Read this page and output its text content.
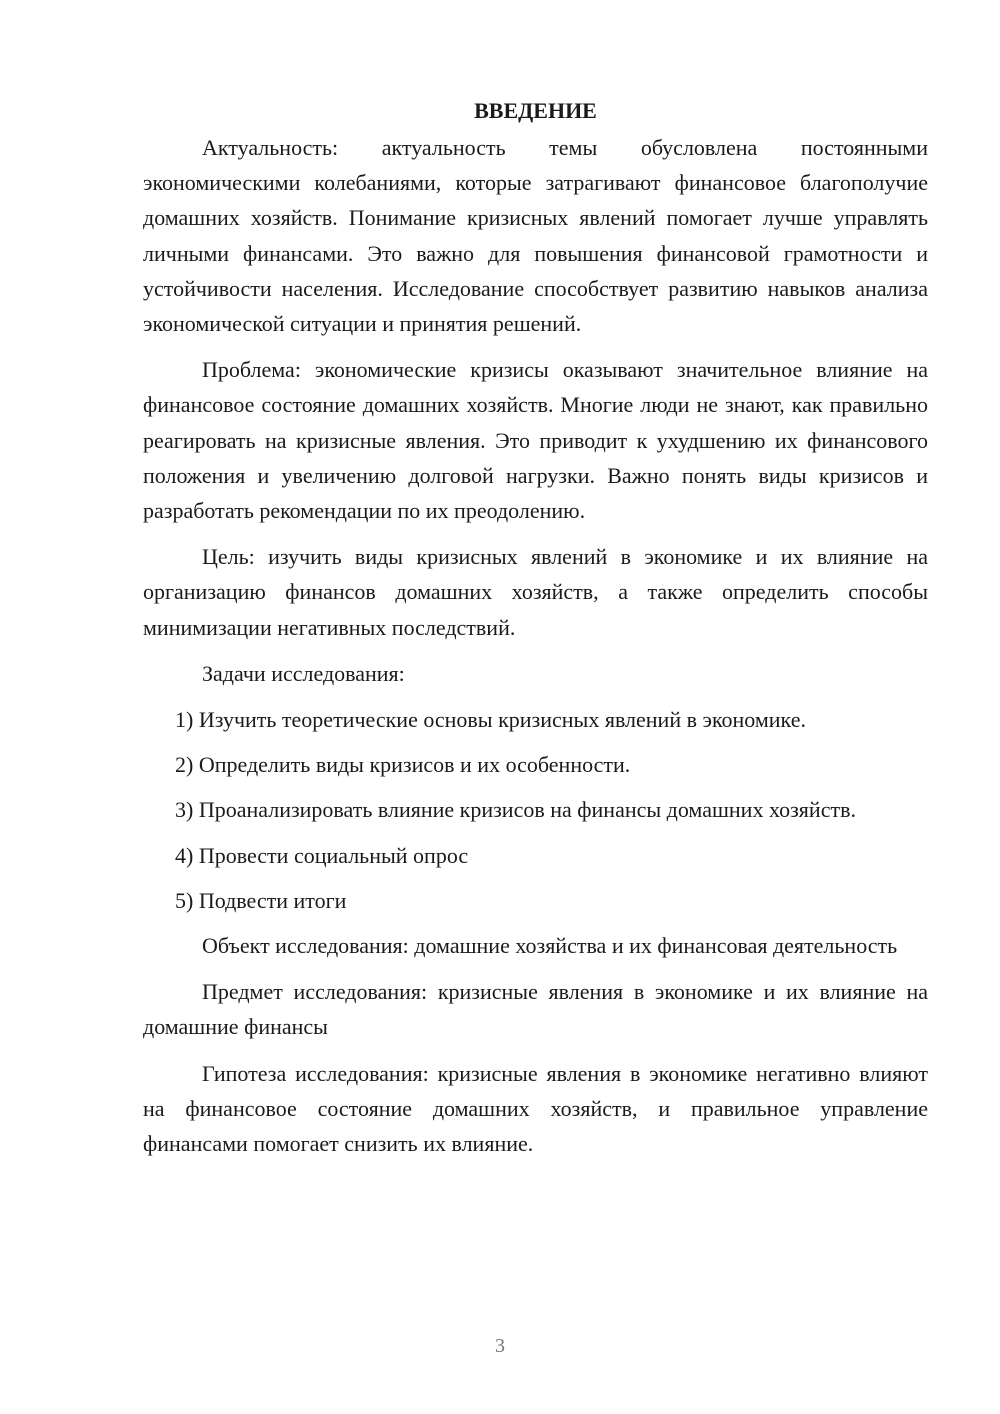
ВВЕДЕНИЕ

Актуальность: актуальность темы обусловлена постоянными экономическими колебаниями, которые затрагивают финансовое благополучие домашних хозяйств. Понимание кризисных явлений помогает лучше управлять личными финансами. Это важно для повышения финансовой грамотности и устойчивости населения. Исследование способствует развитию навыков анализа экономической ситуации и принятия решений.

Проблема: экономические кризисы оказывают значительное влияние на финансовое состояние домашних хозяйств. Многие люди не знают, как правильно реагировать на кризисные явления. Это приводит к ухудшению их финансового положения и увеличению долговой нагрузки. Важно понять виды кризисов и разработать рекомендации по их преодолению.

Цель: изучить виды кризисных явлений в экономике и их влияние на организацию финансов домашних хозяйств, а также определить способы минимизации негативных последствий.

Задачи исследования:

1) Изучить теоретические основы кризисных явлений в экономике.

2) Определить виды кризисов и их особенности.

3) Проанализировать влияние кризисов на финансы домашних хозяйств.

4) Провести социальный опрос

5) Подвести итоги

Объект исследования: домашние хозяйства и их финансовая деятельность

Предмет исследования: кризисные явления в экономике и их влияние на домашние финансы

Гипотеза исследования: кризисные явления в экономике негативно влияют на финансовое состояние домашних хозяйств, и правильное управление финансами помогает снизить их влияние.

3
